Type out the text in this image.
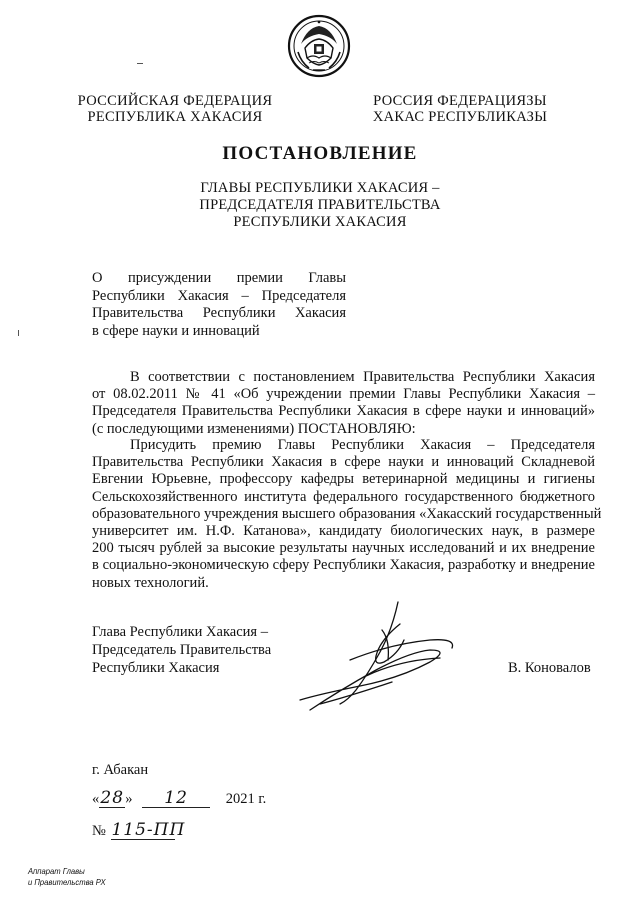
РОССИЙСКАЯ ФЕДЕРАЦИЯ
РЕСПУБЛИКА ХАКАСИЯ
РОССИЯ ФЕДЕРАЦИЯЗЫ
ХАКАС РЕСПУБЛИКАЗЫ
ПОСТАНОВЛЕНИЕ
ГЛАВЫ РЕСПУБЛИКИ ХАКАСИЯ –
ПРЕДСЕДАТЕЛЯ ПРАВИТЕЛЬСТВА
РЕСПУБЛИКИ ХАКАСИЯ
О присуждении премии Главы
Республики Хакасия – Председателя
Правительства Республики Хакасия
в сфере науки и инноваций
В соответствии с постановлением Правительства Республики Хакасия
от 08.02.2011 № 41 «Об учреждении премии Главы Республики Хакасия –
Председателя Правительства Республики Хакасия в сфере науки и инноваций»
(с последующими изменениями) ПОСТАНОВЛЯЮ:
Присудить премию Главы Республики Хакасия – Председателя
Правительства Республики Хакасия в сфере науки и инноваций Складневой
Евгении Юрьевне, профессору кафедры ветеринарной медицины и гигиены
Сельскохозяйственного института федерального государственного бюджетного
образовательного учреждения высшего образования «Хакасский государственный
университет им. Н.Ф. Катанова», кандидату биологических наук, в размере
200 тысяч рублей за высокие результаты научных исследований и их внедрение
в социально-экономическую сферу Республики Хакасия, разработку и внедрение
новых технологий.
Глава Республики Хакасия –
Председатель Правительства
Республики Хакасия	В. Коновалов
г. Абакан
«28» 12	2021 г.
№ 115-ПП
Аппарат Главы
и Правительства РХ
